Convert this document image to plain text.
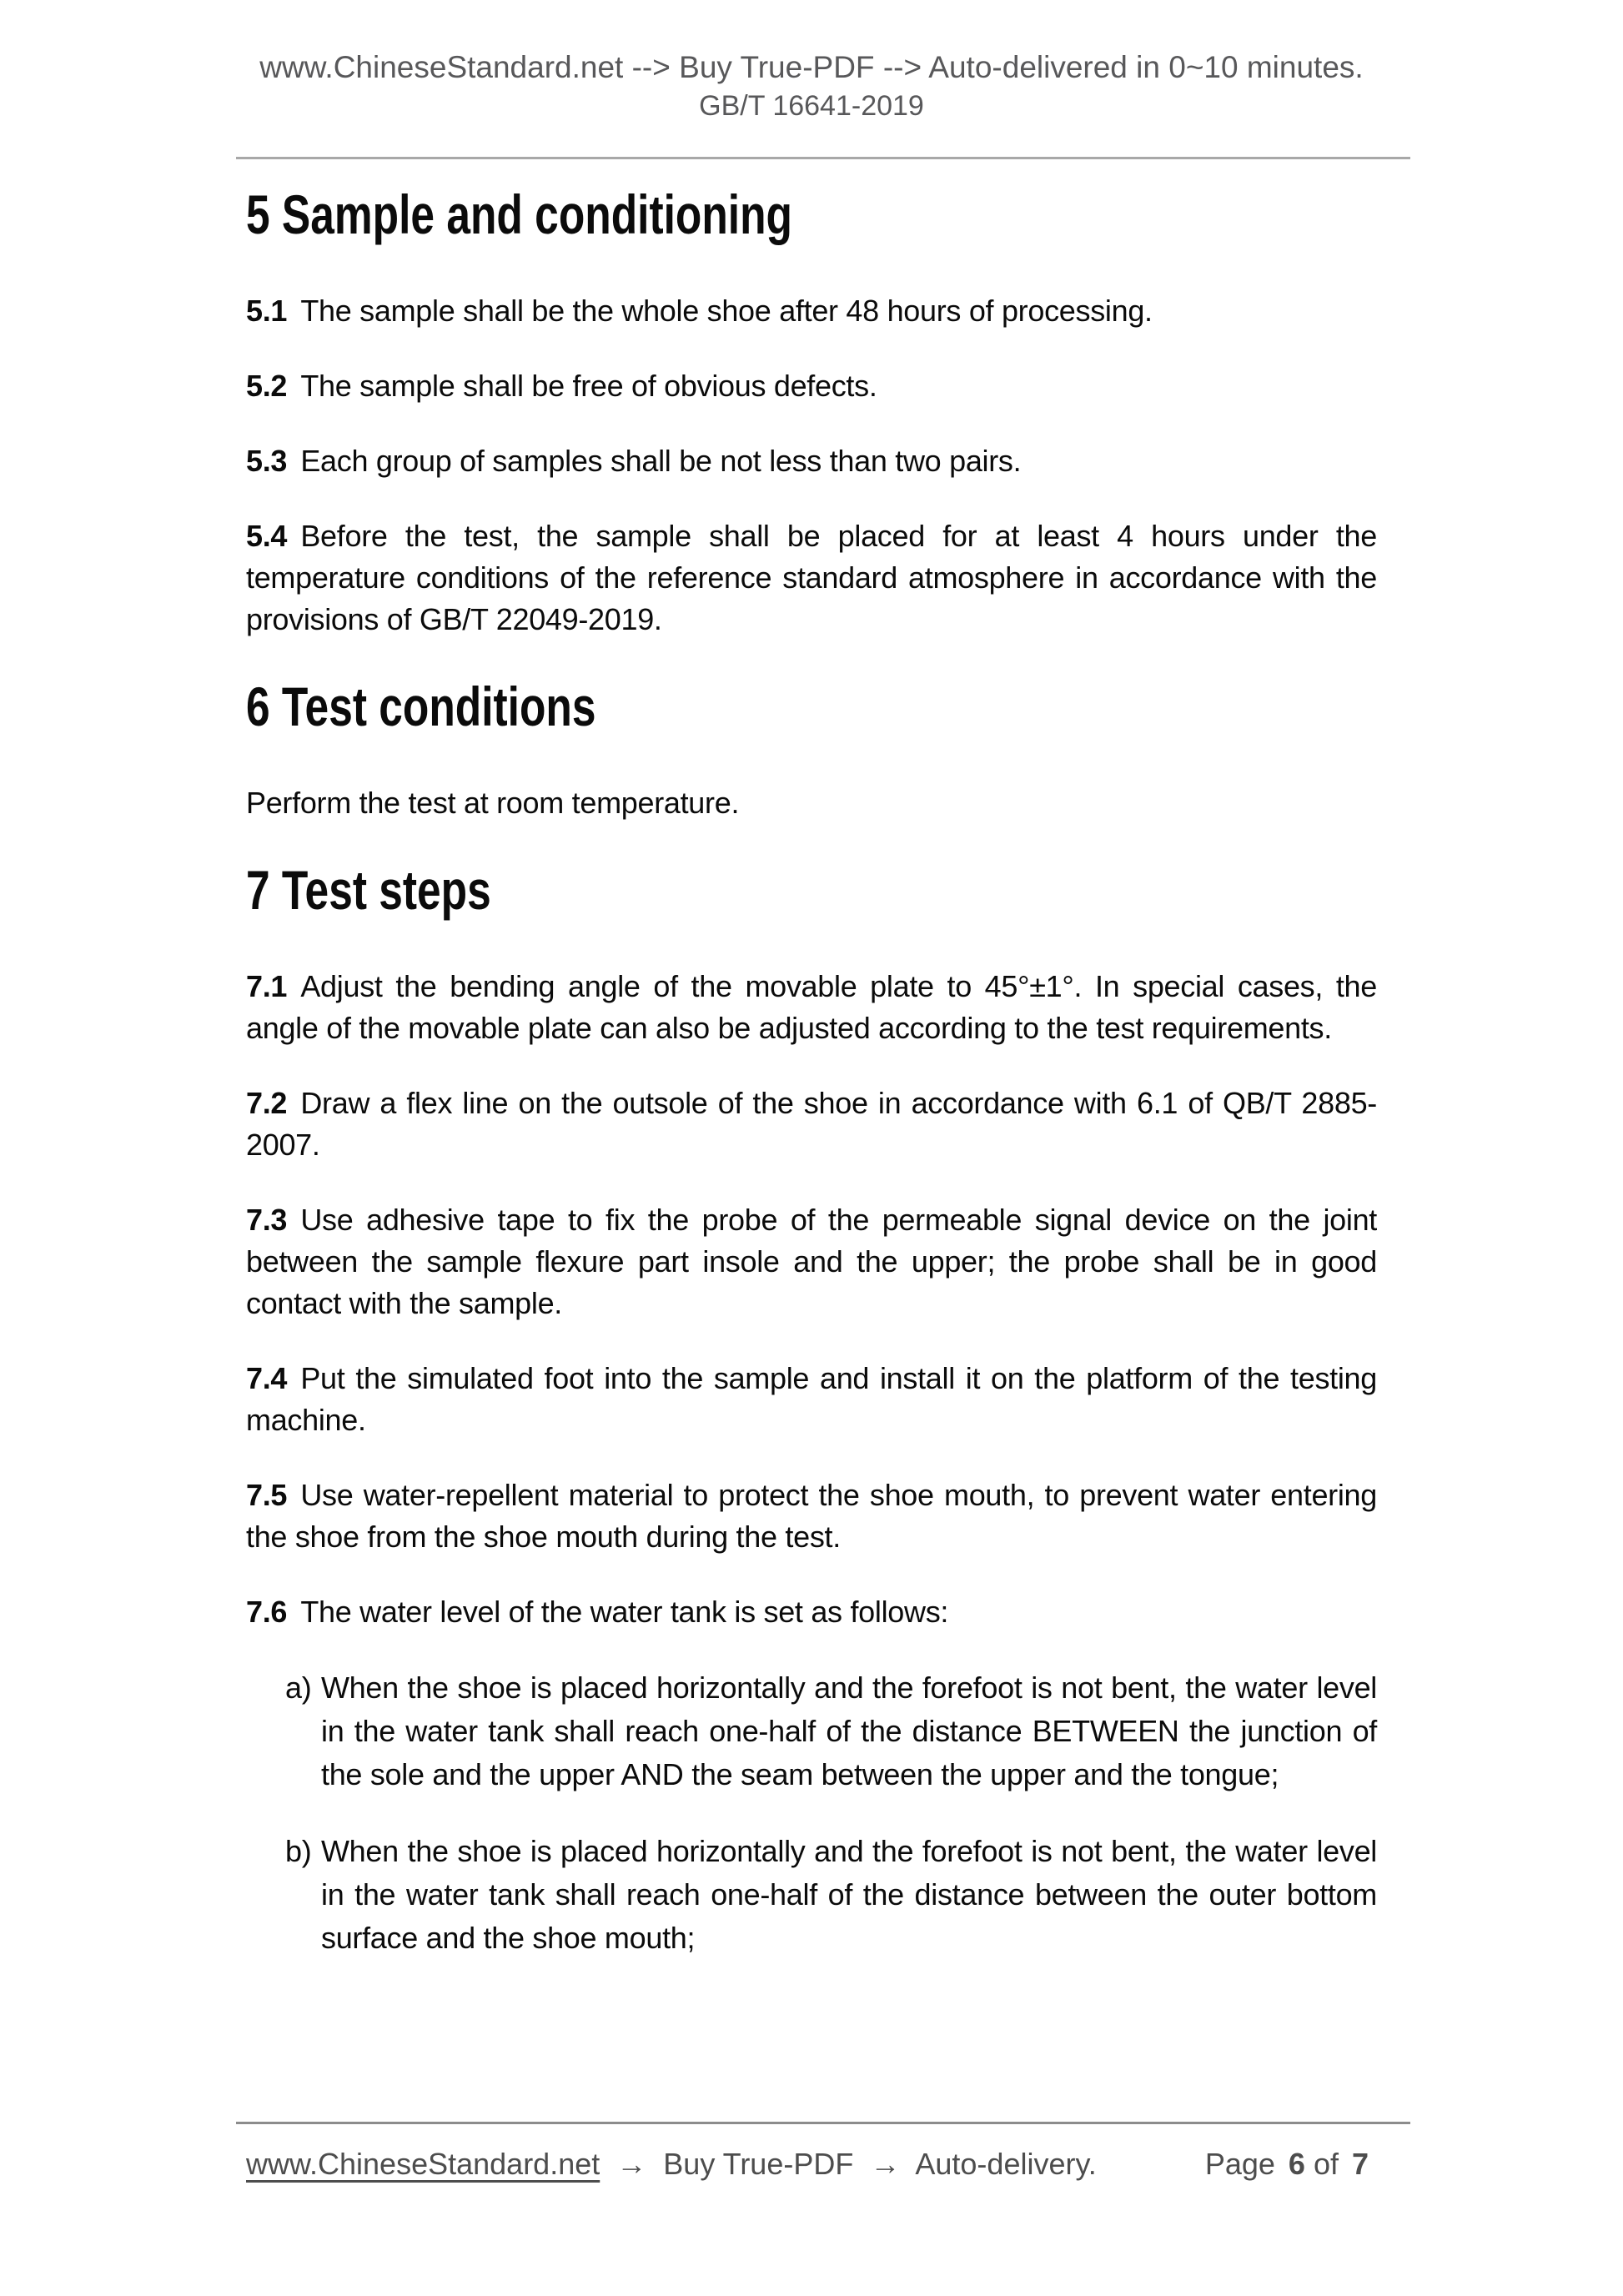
www.ChineseStandard.net --> Buy True-PDF --> Auto-delivered in 0~10 minutes.
GB/T 16641-2019
5 Sample and conditioning

5.1 The sample shall be the whole shoe after 48 hours of processing.

5.2 The sample shall be free of obvious defects.

5.3 Each group of samples shall be not less than two pairs.

5.4 Before the test, the sample shall be placed for at least 4 hours under the temperature conditions of the reference standard atmosphere in accordance with the provisions of GB/T 22049-2019.

6 Test conditions

Perform the test at room temperature.

7 Test steps

7.1 Adjust the bending angle of the movable plate to 45°±1°. In special cases, the angle of the movable plate can also be adjusted according to the test requirements.

7.2 Draw a flex line on the outsole of the shoe in accordance with 6.1 of QB/T 2885-2007.

7.3 Use adhesive tape to fix the probe of the permeable signal device on the joint between the sample flexure part insole and the upper; the probe shall be in good contact with the sample.

7.4 Put the simulated foot into the sample and install it on the platform of the testing machine.

7.5 Use water-repellent material to protect the shoe mouth, to prevent water entering the shoe from the shoe mouth during the test.

7.6 The water level of the water tank is set as follows:

a) When the shoe is placed horizontally and the forefoot is not bent, the water level in the water tank shall reach one-half of the distance BETWEEN the junction of the sole and the upper AND the seam between the upper and the tongue;
b) When the shoe is placed horizontally and the forefoot is not bent, the water level in the water tank shall reach one-half of the distance between the outer bottom surface and the shoe mouth;
www.ChineseStandard.net → Buy True-PDF → Auto-delivery.	Page 6 of 7
